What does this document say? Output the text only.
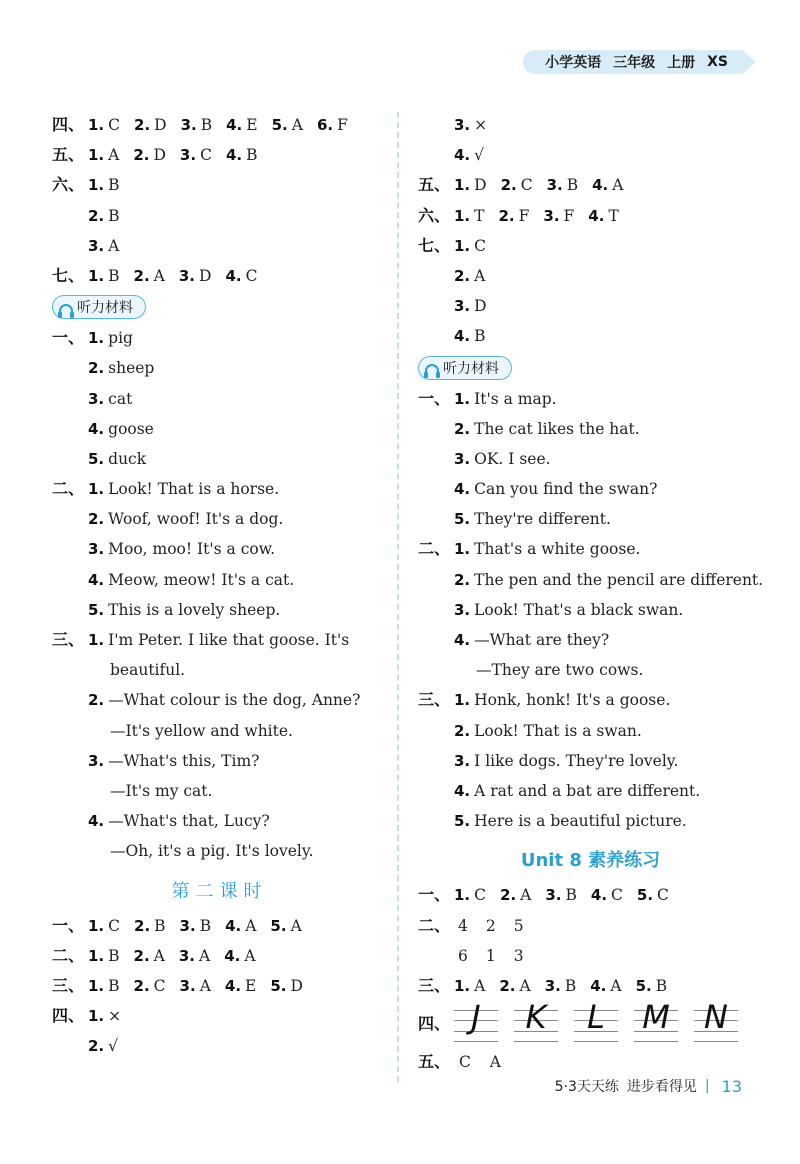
小学英语 三年级 上册 XS
四、 1. C 2. D 3. B 4. E 5. A 6. F
五、 1. A 2. D 3. C 4. B
六、 1. B
2. B
3. A
七、 1. B 2. A 3. D 4. C
听力材料
一、 1. pig
2. sheep
3. cat
4. goose
5. duck
二、 1. Look! That is a horse.
2. Woof, woof! It's a dog.
3. Moo, moo! It's a cow.
4. Meow, meow! It's a cat.
5. This is a lovely sheep.
三、 1. I'm Peter. I like that goose. It's
beautiful.
2. —What colour is the dog, Anne?
—It's yellow and white.
3. —What's this, Tim?
—It's my cat.
4. —What's that, Lucy?
—Oh, it's a pig. It's lovely.
第二课时
一、 1. C 2. B 3. B 4. A 5. A
二、 1. B 2. A 3. A 4. A
三、 1. B 2. C 3. A 4. E 5. D
四、 1. ×
2. √
3. ×
4. √
五、 1. D 2. C 3. B 4. A
六、 1. T 2. F 3. F 4. T
七、 1. C
2. A
3. D
4. B
听力材料
一、 1. It's a map.
2. The cat likes the hat.
3. OK. I see.
4. Can you find the swan?
5. They're different.
二、 1. That's a white goose.
2. The pen and the pencil are different.
3. Look! That's a black swan.
4. —What are they?
—They are two cows.
三、 1. Honk, honk! It's a goose.
2. Look! That is a swan.
3. I like dogs. They're lovely.
4. A rat and a bat are different.
5. Here is a beautiful picture.
Unit 8 素养练习
一、 1. C 2. A 3. B 4. C 5. C
二、 4 2 5
6 1 3
三、 1. A 2. A 3. B 4. A 5. B
四、 J	K	L	M	N
五、 C A
5·3天天练 进步看得见 | 13
